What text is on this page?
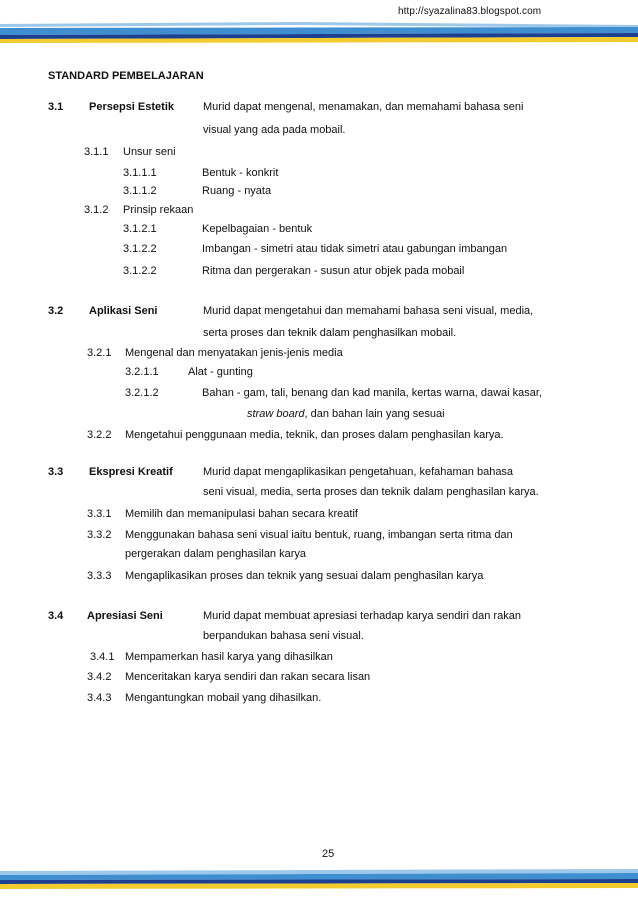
http://syazalina83.blogspot.com
STANDARD PEMBELAJARAN
3.1 Persepsi Estetik	Murid dapat mengenal, menamakan, dan memahami bahasa seni
visual yang ada pada mobail.
3.1.1 Unsur seni
3.1.1.1	Bentuk - konkrit
3.1.1.2	Ruang - nyata
3.1.2 Prinsip rekaan
3.1.2.1	Kepelbagaian - bentuk
3.1.2.2	Imbangan - simetri atau tidak simetri atau gabungan imbangan
3.1.2.2	Ritma dan pergerakan - susun atur objek pada mobail
3.2 Aplikasi Seni	Murid dapat mengetahui dan memahami bahasa seni visual, media,
serta proses dan teknik dalam penghasilkan mobail.
3.2.1 Mengenal dan menyatakan jenis-jenis media
3.2.1.1	Alat - gunting
3.2.1.2	Bahan - gam, tali, benang dan kad manila, kertas warna, dawai kasar,
straw board, dan bahan lain yang sesuai
3.2.2 Mengetahui penggunaan media, teknik, dan proses dalam penghasilan karya.
3.3 Ekspresi Kreatif	Murid dapat mengaplikasikan pengetahuan, kefahaman bahasa
seni visual, media, serta proses dan teknik dalam penghasilan karya.
3.3.1 Memilih dan memanipulasi bahan secara kreatif
3.3.2 Menggunakan bahasa seni visual iaitu bentuk, ruang, imbangan serta ritma dan
pergerakan dalam penghasilan karya
3.3.3 Mengaplikasikan proses dan teknik yang sesuai dalam penghasilan karya
3.4 Apresiasi Seni	Murid dapat membuat apresiasi terhadap karya sendiri dan rakan
berpandukan bahasa seni visual.
3.4.1 Mempamerkan hasil karya yang dihasilkan
3.4.2 Menceritakan karya sendiri dan rakan secara lisan
3.4.3 Mengantungkan mobail yang dihasilkan.
25
